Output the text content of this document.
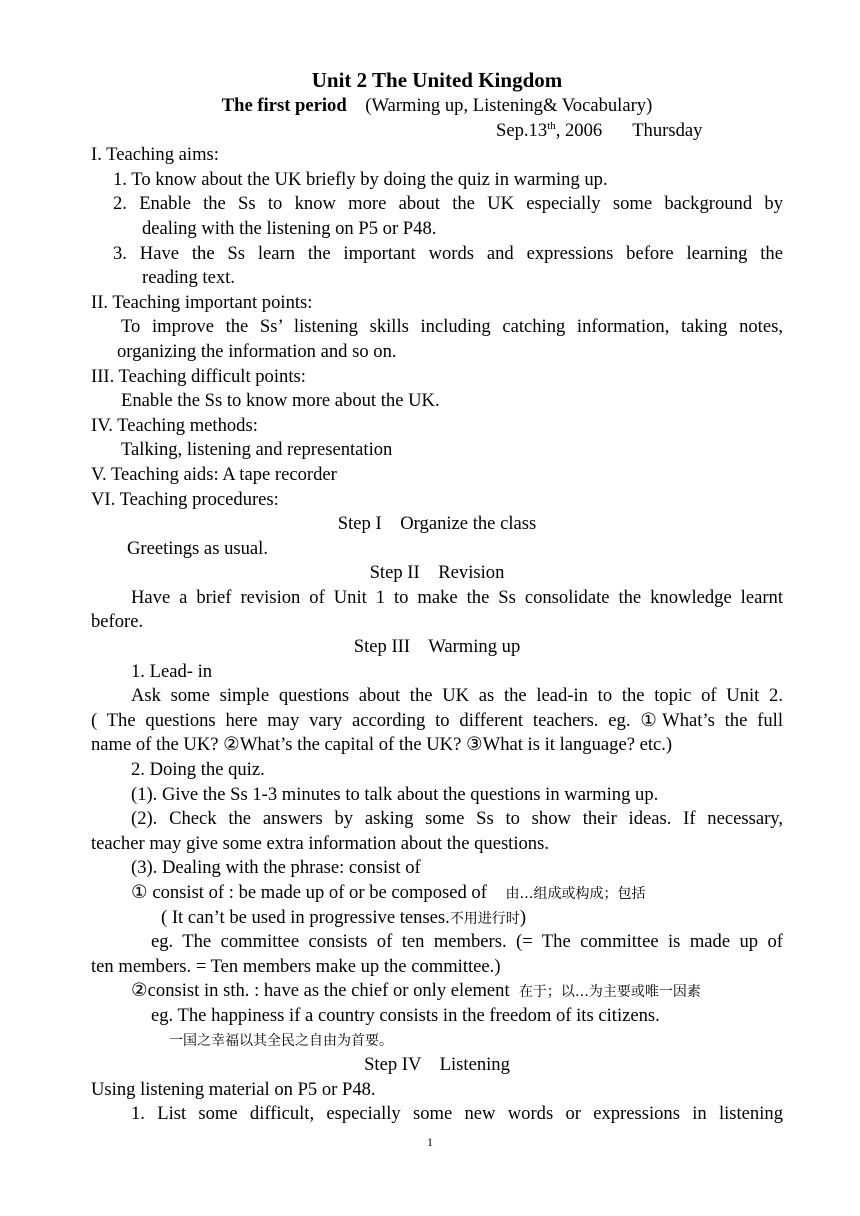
Unit 2 The United Kingdom
The first period (Warming up, Listening& Vocabulary)
Sep.13th, 2006 Thursday
I. Teaching aims:
1. To know about the UK briefly by doing the quiz in warming up.
2. Enable the Ss to know more about the UK especially some background by
dealing with the listening on P5 or P48.
3. Have the Ss learn the important words and expressions before learning the
reading text.
II. Teaching important points:
To improve the Ss’ listening skills including catching information, taking notes,
organizing the information and so on.
III. Teaching difficult points:
Enable the Ss to know more about the UK.
IV. Teaching methods:
Talking, listening and representation
V. Teaching aids: A tape recorder
VI. Teaching procedures:
Step I    Organize the class
Greetings as usual.
Step II    Revision
Have a brief revision of Unit 1 to make the Ss consolidate the knowledge learnt
before.
Step III    Warming up
1. Lead- in
Ask some simple questions about the UK as the lead-in to the topic of Unit 2.
( The questions here may vary according to different teachers. eg. ①What’s the full
name of the UK? ②What’s the capital of the UK? ③What is it language? etc.)
2. Doing the quiz.
(1). Give the Ss 1-3 minutes to talk about the questions in warming up.
(2). Check the answers by asking some Ss to show their ideas. If necessary,
teacher may give some extra information about the questions.
(3). Dealing with the phrase: consist of
① consist of : be made up of or be composed of 由…组成或构成；包括
( It can’t be used in progressive tenses.不用进行时)
eg. The committee consists of ten members. (= The committee is made up of
ten members. = Ten members make up the committee.)
②consist in sth. : have as the chief or only element 在于；以…为主要或唯一因素
eg. The happiness if a country consists in the freedom of its citizens.
一国之幸福以其全民之自由为首要。
Step IV    Listening
Using listening material on P5 or P48.
1. List some difficult, especially some new words or expressions in listening
1
